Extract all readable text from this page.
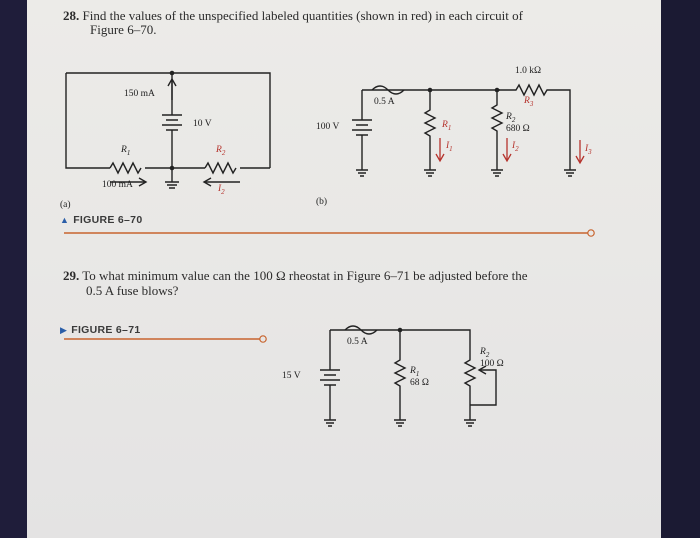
28. Find the values of the unspecified labeled quantities (shown in red) in each circuit of
Figure 6–70.
150 mA
10 V
$R_1$	$R_2$
100 mA	$I_2$
(a)
100 V
0.5 A
$R_1$
$R_2$
680 Ω
1.0 kΩ
$R_3$
$I_1$	$I_2$	$I_3$
(b)
▲ FIGURE 6–70
29. To what minimum value can the 100 Ω rheostat in Figure 6–71 be adjusted before the
0.5 A fuse blows?
▶ FIGURE 6–71
15 V
0.5 A
$R_1$
68 Ω
$R_2$
100 Ω
